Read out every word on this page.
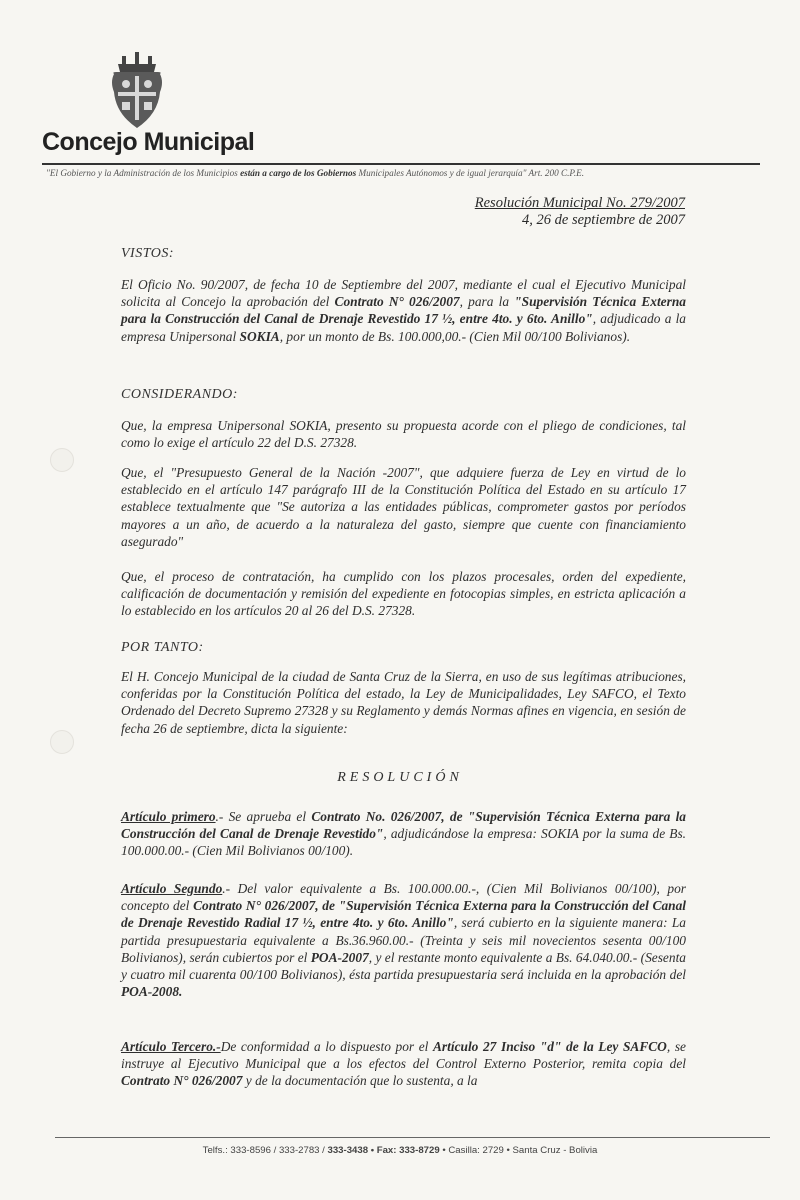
Concejo Municipal
"El Gobierno y la Administración de los Municipios están a cargo de los Gobiernos Municipales Autónomos y de igual jerarquía" Art. 200 C.P.E.
Resolución Municipal No. 279/2007
4, 26 de septiembre de 2007
VISTOS:
El Oficio No. 90/2007, de fecha 10 de Septiembre del 2007, mediante el cual el Ejecutivo Municipal solicita al Concejo la aprobación del Contrato N° 026/2007, para la "Supervisión Técnica Externa para la Construcción del Canal de Drenaje Revestido 17 ½, entre 4to. y 6to. Anillo", adjudicado a la empresa Unipersonal SOKIA, por un monto de Bs. 100.000,00.- (Cien Mil 00/100 Bolivianos).
CONSIDERANDO:
Que, la empresa Unipersonal SOKIA, presento su propuesta acorde con el pliego de condiciones, tal como lo exige el artículo 22 del D.S. 27328.
Que, el "Presupuesto General de la Nación -2007", que adquiere fuerza de Ley en virtud de lo establecido en el artículo 147 parágrafo III de la Constitución Política del Estado en su artículo 17 establece textualmente que "Se autoriza a las entidades públicas, comprometer gastos por períodos mayores a un año, de acuerdo a la naturaleza del gasto, siempre que cuente con financiamiento asegurado"
Que, el proceso de contratación, ha cumplido con los plazos procesales, orden del expediente, calificación de documentación y remisión del expediente en fotocopias simples, en estricta aplicación a lo establecido en los artículos 20 al 26 del D.S. 27328.
POR TANTO:
El H. Concejo Municipal de la ciudad de Santa Cruz de la Sierra, en uso de sus legítimas atribuciones, conferidas por la Constitución Política del estado, la Ley de Municipalidades, Ley SAFCO, el Texto Ordenado del Decreto Supremo 27328 y su Reglamento y demás Normas afines en vigencia, en sesión de fecha 26 de septiembre, dicta la siguiente:
RESOLUCIÓN
Artículo primero.- Se aprueba el Contrato No. 026/2007, de "Supervisión Técnica Externa para la Construcción del Canal de Drenaje Revestido", adjudicándose la empresa: SOKIA por la suma de Bs. 100.000.00.- (Cien Mil Bolivianos 00/100).
Artículo Segundo.- Del valor equivalente a Bs. 100.000.00.-, (Cien Mil Bolivianos 00/100), por concepto del Contrato N° 026/2007, de "Supervisión Técnica Externa para la Construcción del Canal de Drenaje Revestido Radial 17 ½, entre 4to. y 6to. Anillo", será cubierto en la siguiente manera: La partida presupuestaria equivalente a Bs.36.960.00.- (Treinta y seis mil novecientos sesenta 00/100 Bolivianos), serán cubiertos por el POA-2007, y el restante monto equivalente a Bs. 64.040.00.- (Sesenta y cuatro mil cuarenta 00/100 Bolivianos), ésta partida presupuestaria será incluida en la aprobación del POA-2008.
Artículo Tercero.-De conformidad a lo dispuesto por el Artículo 27 Inciso "d" de la Ley SAFCO, se instruye al Ejecutivo Municipal que a los efectos del Control Externo Posterior, remita copia del Contrato N° 026/2007 y de la documentación que lo sustenta, a la
Telfs.: 333-8596 / 333-2783 / 333-3438 • Fax: 333-8729 • Casilla: 2729 • Santa Cruz - Bolivia
